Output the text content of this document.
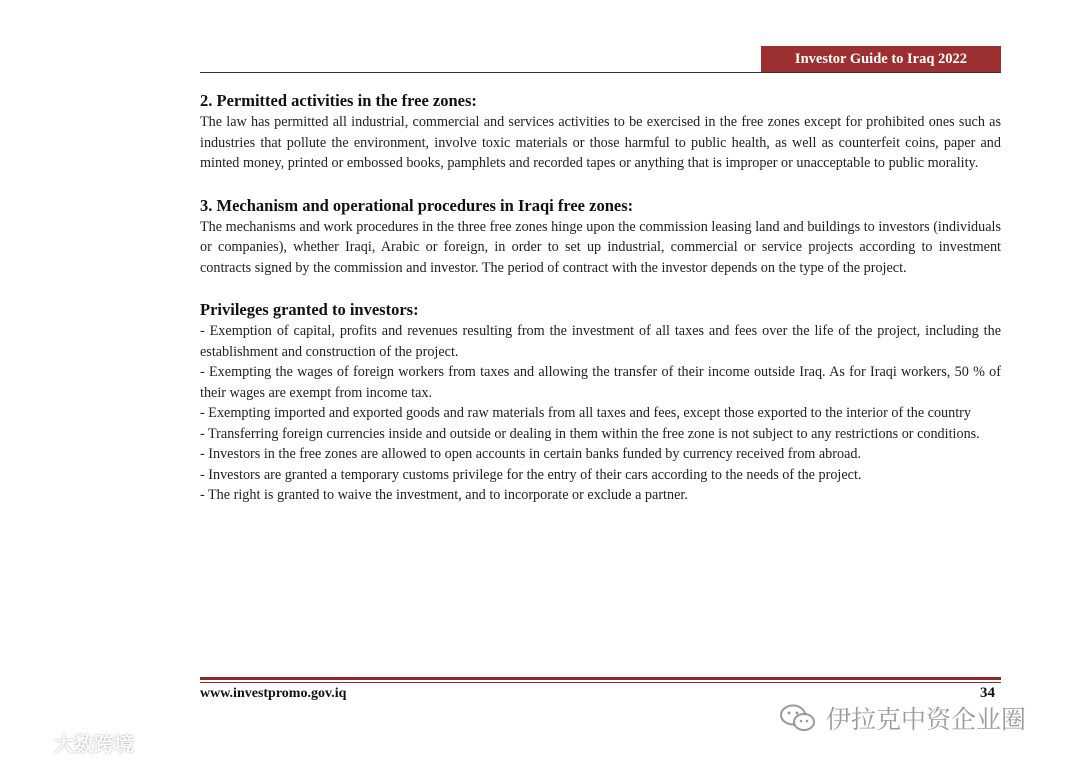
Investor Guide to Iraq 2022
2. Permitted activities in the free zones:

The law has permitted all industrial, commercial and services activities to be exercised in the free zones except for prohibited ones such as industries that pollute the environment, involve toxic materials or those harmful to public health, as well as counterfeit coins, paper and minted money, printed or embossed books, pamphlets and recorded tapes or anything that is improper or unacceptable to public morality.

3. Mechanism and operational procedures in Iraqi free zones:

The mechanisms and work procedures in the three free zones hinge upon the commission leasing land and buildings to investors (individuals or companies), whether Iraqi, Arabic or foreign, in order to set up industrial, commercial or service projects according to investment contracts signed by the commission and investor. The period of contract with the investor depends on the type of the project.

Privileges granted to investors:
- Exemption of capital, profits and revenues resulting from the investment of all taxes and fees over the life of the project, including the establishment and construction of the project.
- Exempting the wages of foreign workers from taxes and allowing the transfer of their income outside Iraq. As for Iraqi workers, 50 % of their wages are exempt from income tax.
- Exempting imported and exported goods and raw materials from all taxes and fees, except those exported to the interior of the country
- Transferring foreign currencies inside and outside or dealing in them within the free zone is not subject to any restrictions or conditions.
- Investors in the free zones are allowed to open accounts in certain banks funded by currency received from abroad.
- Investors are granted a temporary customs privilege for the entry of their cars according to the needs of the project.
- The right is granted to waive the investment, and to incorporate or exclude a partner.
www.investpromo.gov.iq	34
伊拉克中资企业圈
大数跨境
